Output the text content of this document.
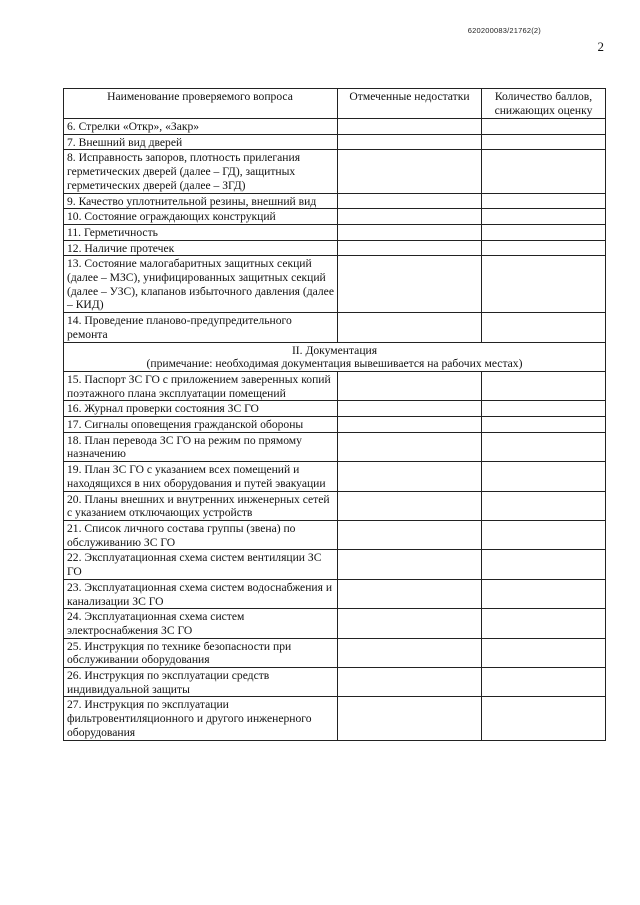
620200083/21762(2)
2
Наименование проверяемого вопроса	Отмеченные недостатки	Количество баллов, снижающих оценку
6. Стрелки «Откр», «Закр»		
7. Внешний вид дверей		
8. Исправность запоров, плотность прилегания герметических дверей (далее – ГД), защитных герметических дверей (далее – ЗГД)		
9. Качество уплотнительной резины, внешний вид		
10. Состояние ограждающих конструкций		
11. Герметичность		
12. Наличие протечек		
13. Состояние малогабаритных защитных секций (далее – МЗС), унифицированных защитных секций (далее – УЗС), клапанов избыточного давления (далее – КИД)		
14. Проведение планово-предупредительного ремонта		

II. Документация
(примечание: необходимая документация вывешивается на рабочих местах)		

15. Паспорт ЗС ГО с приложением заверенных копий поэтажного плана эксплуатации помещений		
16. Журнал проверки состояния ЗС ГО		
17. Сигналы оповещения гражданской обороны		
18. План перевода ЗС ГО на режим по прямому назначению		
19. План ЗС ГО с указанием всех помещений и находящихся в них оборудования и путей эвакуации		
20. Планы внешних и внутренних инженерных сетей с указанием отключающих устройств		
21. Список личного состава группы (звена) по обслуживанию ЗС ГО		
22. Эксплуатационная схема систем вентиляции ЗС ГО		
23. Эксплуатационная схема систем водоснабжения и канализации ЗС ГО		
24. Эксплуатационная схема систем электроснабжения ЗС ГО		
25. Инструкция по технике безопасности при обслуживании оборудования		
26. Инструкция по эксплуатации средств индивидуальной защиты		
27. Инструкция по эксплуатации фильтровентиляционного и другого инженерного оборудования		
